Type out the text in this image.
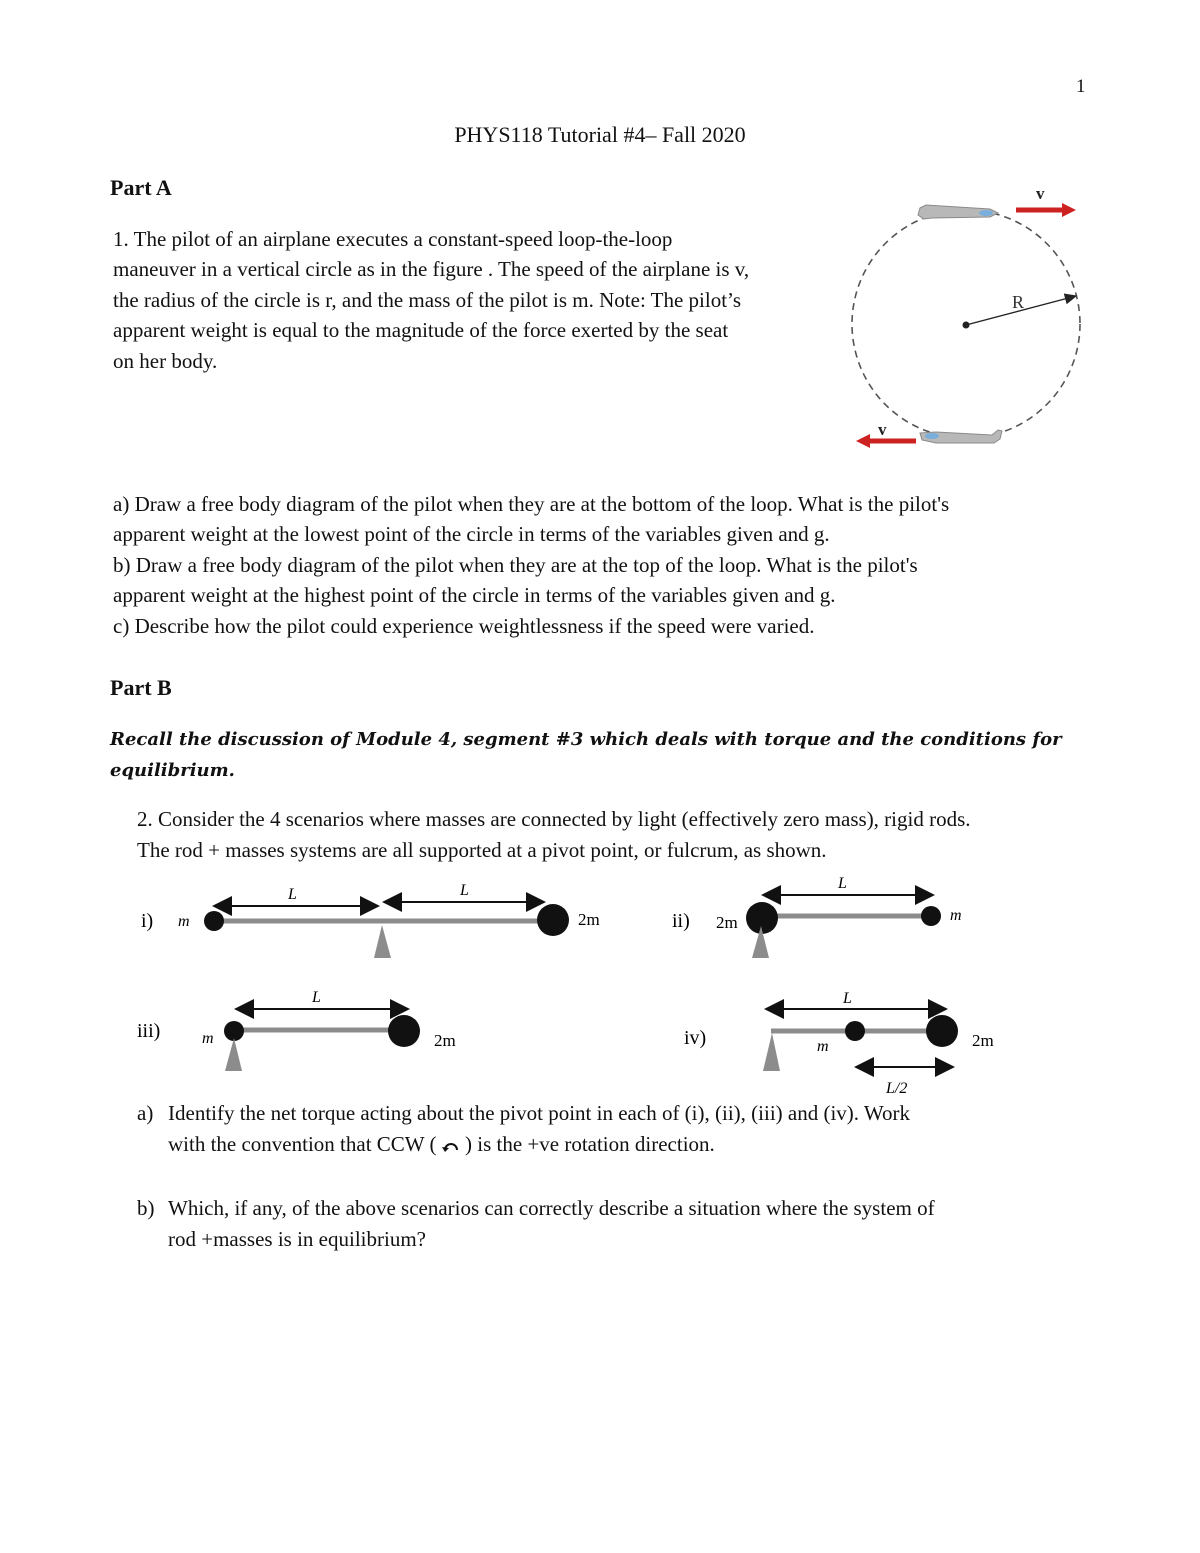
1
PHYS118 Tutorial #4– Fall 2020
Part A
1. The pilot of an airplane executes a constant-speed loop-the-loop
maneuver in a vertical circle as in the figure . The speed of the airplane is v,
the radius of the circle is r, and the mass of the pilot is m. Note: The pilot’s
apparent weight is equal to the magnitude of the force exerted by the seat
on her body.
R
v
v
a) Draw a free body diagram of the pilot when they are at the bottom of the loop. What is the pilot's
apparent weight at the lowest point of the circle in terms of the variables given and g.
b) Draw a free body diagram of the pilot when they are at the top of the loop. What is the pilot's
apparent weight at the highest point of the circle in terms of the variables given and g.
c) Describe how the pilot could experience weightlessness if the speed were varied.
Part B
Recall the discussion of Module 4, segment #3 which deals with torque and the conditions for
equilibrium.
2. Consider the 4 scenarios where masses are connected by light (effectively zero mass), rigid rods.
The rod + masses systems are all supported at a pivot point, or fulcrum, as shown.
i) m	2m
L	L
ii) 2m	m
L
iii)	m	2m
L
iv)	m	2m
L
L/2
a) Identify the net torque acting about the pivot point in each of (i), (ii), (iii) and (iv). Work
with the convention that CCW ( ) is the +ve rotation direction.
b) Which, if any, of the above scenarios can correctly describe a situation where the system of
rod +masses is in equilibrium?
